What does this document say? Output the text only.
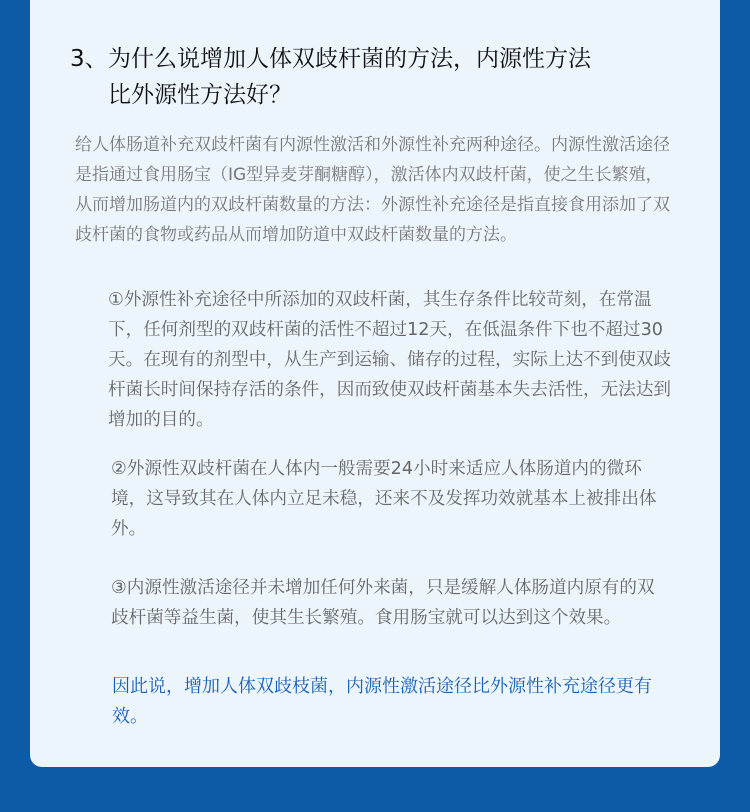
3、为什么说增加人体双歧杆菌的方法，内源性方法
比外源性方法好？
给人体肠道补充双歧杆菌有内源性激活和外源性补充两种途径。内源性激活途径是指通过食用肠宝（IG型异麦芽酮糖醇），激活体内双歧杆菌，使之生长繁殖，从而增加肠道内的双歧杆菌数量的方法：外源性补充途径是指直接食用添加了双歧杆菌的食物或药品从而增加防道中双歧杆菌数量的方法。
①外源性补充途径中所添加的双歧杆菌，其生存条件比较苛刻，在常温下，任何剂型的双歧杆菌的活性不超过12天，在低温条件下也不超过30天。在现有的剂型中，从生产到运输、储存的过程，实际上达不到使双歧杆菌长时间保持存活的条件，因而致使双歧杆菌基本失去活性，无法达到增加的目的。
②外源性双歧杆菌在人体内一般需要24小时来适应人体肠道内的微环境，这导致其在人体内立足未稳，还来不及发挥功效就基本上被排出体外。
③内源性激活途径并未增加任何外来菌，只是缓解人体肠道内原有的双歧杆菌等益生菌，使其生长繁殖。食用肠宝就可以达到这个效果。
因此说，增加人体双歧枝菌，内源性激活途径比外源性补充途径更有效。
